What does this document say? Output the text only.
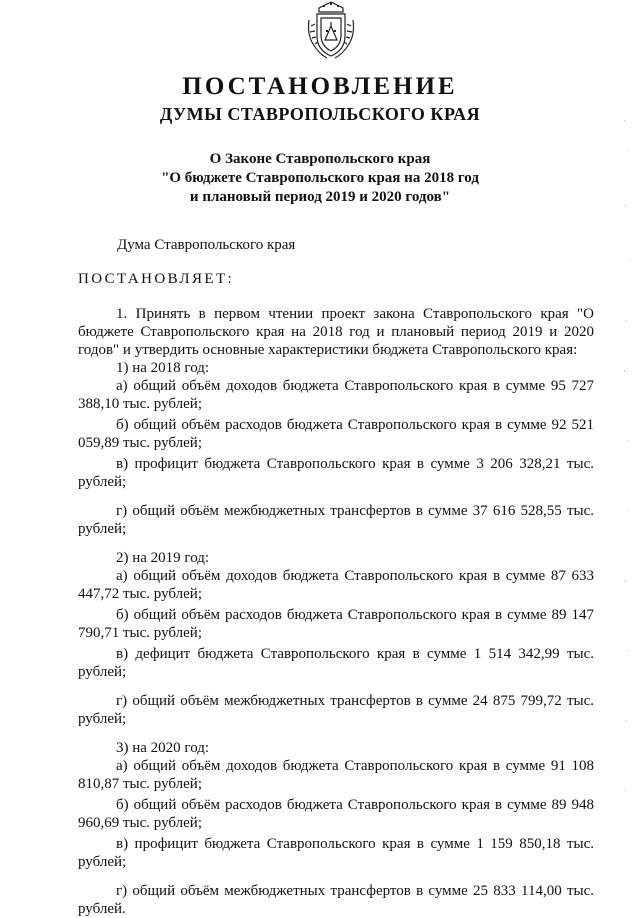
ПОСТАНОВЛЕНИЕ
ДУМЫ СТАВРОПОЛЬСКОГО КРАЯ
О Законе Ставропольского края
"О бюджете Ставропольского края на 2018 год
и плановый период 2019 и 2020 годов"
Дума Ставропольского края
ПОСТАНОВЛЯЕТ:

1. Принять в первом чтении проект закона Ставропольского края "О бюджете Ставропольского края на 2018 год и плановый период 2019 и 2020 годов" и утвердить основные характеристики бюджета Ставропольского края:

1) на 2018 год:

а) общий объём доходов бюджета Ставропольского края в сумме 95 727 388,10 тыс. рублей;

б) общий объём расходов бюджета Ставропольского края в сумме 92 521 059,89 тыс. рублей;

в) профицит бюджета Ставропольского края в сумме 3 206 328,21 тыс. рублей;

г) общий объём межбюджетных трансфертов в сумме 37 616 528,55 тыс. рублей;

2) на 2019 год:

а) общий объём доходов бюджета Ставропольского края в сумме 87 633 447,72 тыс. рублей;

б) общий объём расходов бюджета Ставропольского края в сумме 89 147 790,71 тыс. рублей;

в) дефицит бюджета Ставропольского края в сумме 1 514 342,99 тыс. рублей;

г) общий объём межбюджетных трансфертов в сумме 24 875 799,72 тыс. рублей;

3) на 2020 год:

а) общий объём доходов бюджета Ставропольского края в сумме 91 108 810,87 тыс. рублей;

б) общий объём расходов бюджета Ставропольского края в сумме 89 948 960,69 тыс. рублей;

в) профицит бюджета Ставропольского края в сумме 1 159 850,18 тыс. рублей;

г) общий объём межбюджетных трансфертов в сумме 25 833 114,00 тыс. рублей.
